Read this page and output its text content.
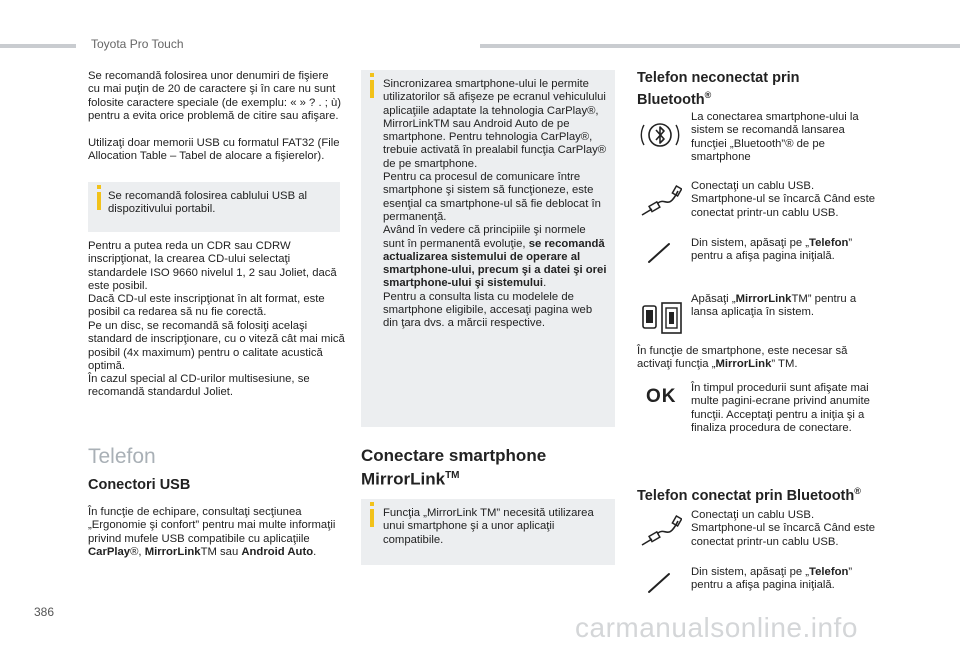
Toyota Pro Touch

Se recomandă folosirea unor denumiri de fişiere cu mai puţin de 20 de caractere şi în care nu sunt folosite caractere speciale (de exemplu: « » ? . ; ù) pentru a evita orice problemă de citire sau afişare.

Utilizaţi doar memorii USB cu formatul FAT32 (File Allocation Table – Tabel de alocare a fişierelor).

Se recomandă folosirea cablului USB al dispozitivului portabil.

Pentru a putea reda un CDR sau CDRW inscripţionat, la crearea CD-ului selectaţi standardele ISO 9660 nivelul 1, 2 sau Joliet, dacă este posibil.

Dacă CD-ul este inscripţionat în alt format, este posibil ca redarea să nu fie corectă.

Pe un disc, se recomandă să folosiţi acelaşi standard de inscripţionare, cu o viteză cât mai mică posibil (4x maximum) pentru o calitate acustică optimă.

În cazul special al CD-urilor multisesiune, se recomandă standardul Joliet.

Telefon
Conectori USB

În funcţie de echipare, consultaţi secţiunea „Ergonomie şi confort” pentru mai multe informaţii privind mufele USB compatibile cu aplicaţiile CarPlay®, MirrorLinkTM sau Android Auto.

Sincronizarea smartphone-ului le permite utilizatorilor să afişeze pe ecranul vehiculului aplicaţiile adaptate la tehnologia CarPlay®, MirrorLinkTM sau Android Auto de pe smartphone. Pentru tehnologia CarPlay®, trebuie activată în prealabil funcţia CarPlay® de pe smartphone.
Pentru ca procesul de comunicare între smartphone şi sistem să funcţioneze, este esenţial ca smartphone-ul să fie deblocat în permanenţă.
Având în vedere că principiile şi normele sunt în permanentă evoluţie, se recomandă actualizarea sistemului de operare al smartphone-ului, precum şi a datei şi orei smartphone-ului şi sistemului.
Pentru a consulta lista cu modelele de smartphone eligibile, accesaţi pagina web din ţara dvs. a mărcii respective.
Conectare smartphone
MirrorLink™
Funcţia „MirrorLink TM” necesită utilizarea unui smartphone şi a unor aplicaţii compatibile.
Telefon neconectat prin
Bluetooth®

La conectarea smartphone-ului la sistem se recomandă lansarea funcţiei „Bluetooth”® de pe smartphone

Conectaţi un cablu USB. Smartphone-ul se încarcă Când este conectat printr-un cablu USB.

Din sistem, apăsaţi pe „Telefon” pentru a afişa pagina iniţială.

Apăsaţi „MirrorLinkTM” pentru a lansa aplicaţia în sistem.

În funcţie de smartphone, este necesar să activaţi funcţia „MirrorLink” TM.

OK În timpul procedurii sunt afişate mai multe pagini-ecrane privind anumite funcţii. Acceptaţi pentru a iniţia şi a finaliza procedura de conectare.

Telefon conectat prin Bluetooth®

Conectaţi un cablu USB. Smartphone-ul se încarcă Când este conectat printr-un cablu USB.

Din sistem, apăsaţi pe „Telefon” pentru a afişa pagina iniţială.

386	carmanualsonline.info
